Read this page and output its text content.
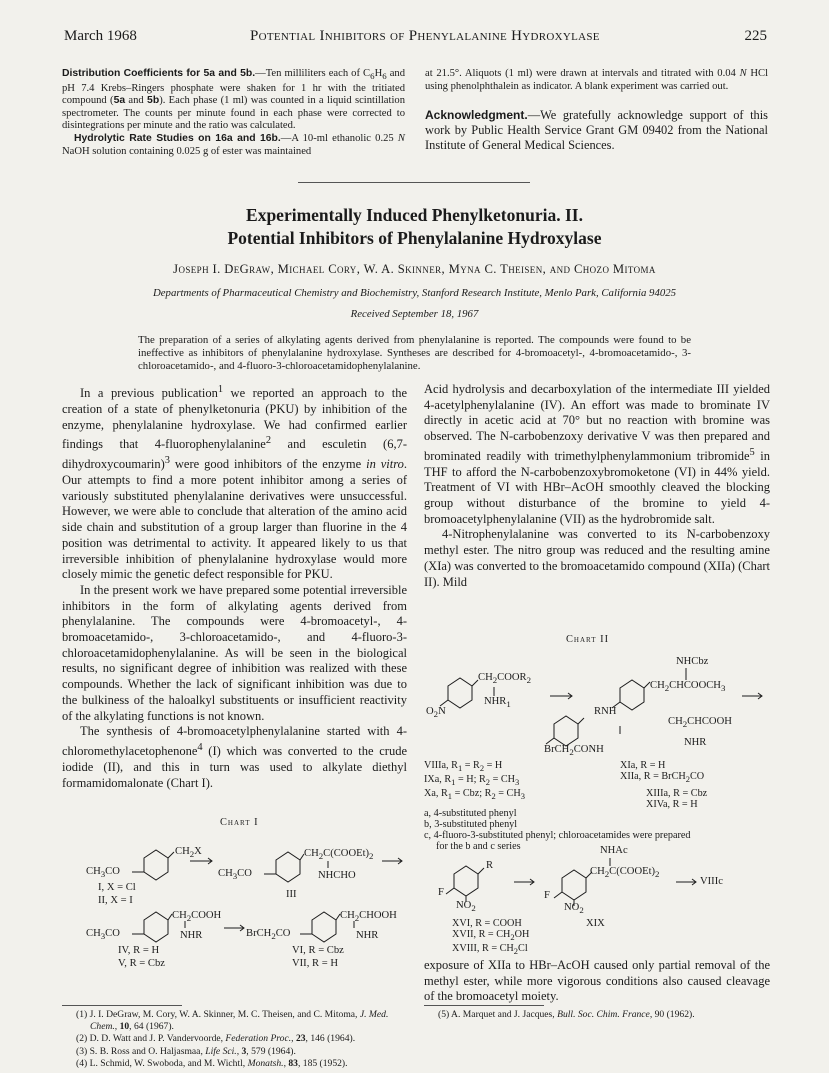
March 1968	Potential Inhibitors of Phenylalanine Hydroxylase	225
Distribution Coefficients for 5a and 5b.—Ten milliliters each of $C_6H_6$ and pH 7.4 Krebs–Ringers phosphate were shaken for 1 hr with the tritiated compound (5a and 5b). Each phase (1 ml) was counted in a liquid scintillation spectrometer. The counts per minute found in each phase were corrected to disintegrations per minute and the ratio was calculated.
Hydrolytic Rate Studies on 16a and 16b.—A 10-ml ethanolic 0.25 N NaOH solution containing 0.025 g of ester was maintained
at 21.5°. Aliquots (1 ml) were drawn at intervals and titrated with 0.04 N HCl using phenolphthalein as indicator. A blank experiment was carried out.
Acknowledgment.—We gratefully acknowledge support of this work by Public Health Service Grant GM 09402 from the National Institute of General Medical Sciences.
Experimentally Induced Phenylketonuria. II.
Potential Inhibitors of Phenylalanine Hydroxylase
Joseph I. DeGraw, Michael Cory, W. A. Skinner, Myna C. Theisen, and Chozo Mitoma
Departments of Pharmaceutical Chemistry and Biochemistry, Stanford Research Institute, Menlo Park, California 94025
Received September 18, 1967
The preparation of a series of alkylating agents derived from phenylalanine is reported. The compounds were found to be ineffective as inhibitors of phenylalanine hydroxylase. Syntheses are described for 4-bromoacetyl-, 4-bromoacetamido-, 3-chloroacetamido-, and 4-fluoro-3-chloroacetamidophenylalanine.

In a previous publication$^1$ we reported an approach to the creation of a state of phenylketonuria (PKU) by inhibition of the enzyme, phenylalanine hydroxylase. We had confirmed earlier findings that 4-fluorophenylalanine$^2$ and esculetin (6,7-dihydroxycoumarin)$^3$ were good inhibitors of the enzyme in vitro. Our attempts to find a more potent inhibitor among a series of variously substituted phenylalanine derivatives were unsuccessful. However, we were able to conclude that alteration of the amino acid side chain and substitution of a group larger than fluorine in the 4 position was detrimental to activity. It appeared likely to us that irreversible inhibition of phenylalanine hydroxylase would more closely mimic the genetic defect responsible for PKU.

In the present work we have prepared some potential irreversible inhibitors in the form of alkylating agents derived from phenylalanine. The compounds were 4-bromoacetyl-, 4-bromoacetamido-, 3-chloroacetamido-, and 4-fluoro-3-chloroacetamidophenylalanine. As will be seen in the biological results, no significant degree of inhibition was realized with these compounds. Whether the lack of significant inhibition was due to the bulkiness of the haloalkyl substituents or insufficient reactivity of the alkylating functions is not known.

The synthesis of 4-bromoacetylphenylalanine started with 4-chloromethylacetophenone$^4$ (I) which was converted to the crude iodide (II), and this in turn was used to alkylate diethyl formamidomalonate (Chart I).

Acid hydrolysis and decarboxylation of the intermediate III yielded 4-acetylphenylalanine (IV). An effort was made to brominate IV directly in acetic acid at 70° but no reaction with bromine was observed. The N-carbobenzoxy derivative V was then prepared and brominated readily with trimethylphenylammonium tribromide$^5$ in THF to afford the N-carbobenzoxybromoketone (VI) in 44% yield. Treatment of VI with HBr–AcOH smoothly cleaved the blocking group without disturbance of the bromine to yield 4-bromoacetylphenylalanine (VII) as the hydrobromide salt.

4-Nitrophenylalanine was converted to its N-carbobenzoxy methyl ester. The nitro group was reduced and the resulting amine (XIa) was converted to the bromoacetamido compound (XIIa) (Chart II). Mild

Chart I
$CH_2X$
$CH_3CO$
I, X = Cl
II, X = I
$CH_2C(COOEt)_2$
NHCHO
$CH_3CO$
III
$CH_2COOH$
NHR
$CH_3CO$
IV, R = H
V, R = Cbz
$CH_2CHOOH$
NHR
BrCH$_2$CO
VI, R = Cbz
VII, R = H
Chart II
$CH_2COOR_2$
$NHR_1$
$O_2N$
NHCbz
$CH_2CHCOOCH_3$
RNH
$CH_2CHCOOH$
NHR
BrCH$_2$CONH
VIIIa, $R_1 = R_2 = H$
IXa, $R_1 = H$; $R_2 = CH_3$
Xa, $R_1$ = Cbz; $R_2 = CH_3$
XIa, R = H
XIIa, R = BrCH$_2$CO
XIIIa, R = Cbz
XIVa, R = H
a, 4-substituted phenyl
b, 3-substituted phenyl
c, 4-fluoro-3-substituted phenyl; chloroacetamides were prepared
for the b and c series
R
F
$NO_2$
NHAc
$CH_2C(COOEt)_2$
F
$NO_2$
VIIIc
XVI, R = COOH
XVII, $R = CH_2OH$
XVIII, $R = CH_2Cl$
XIX
exposure of XIIa to HBr–AcOH caused only partial removal of the methyl ester, while more vigorous conditions also caused cleavage of the bromoacetyl moiety.
(1) J. I. DeGraw, M. Cory, W. A. Skinner, M. C. Theisen, and C. Mitoma, J. Med. Chem., 10, 64 (1967).
(2) D. D. Watt and J. P. Vandervoorde, Federation Proc., 23, 146 (1964).
(3) S. B. Ross and O. Haljasmaa, Life Sci., 3, 579 (1964).
(4) L. Schmid, W. Swoboda, and M. Wichtl, Monatsh., 83, 185 (1952).
(5) A. Marquet and J. Jacques, Bull. Soc. Chim. France, 90 (1962).
